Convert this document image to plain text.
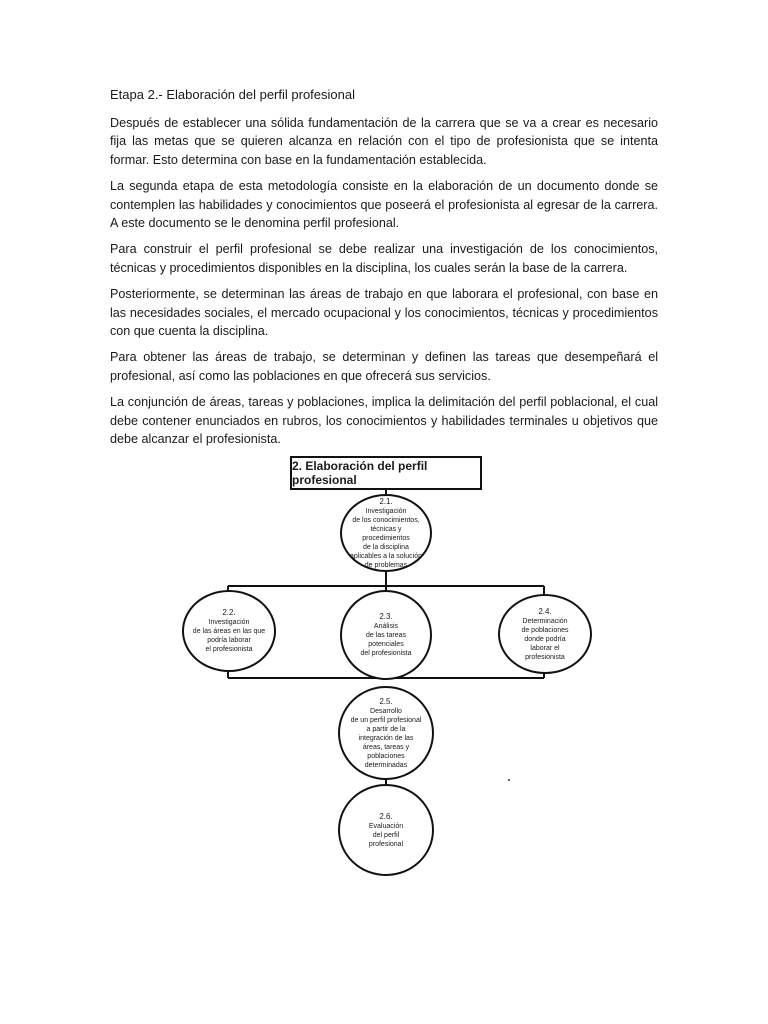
Etapa 2.- Elaboración del perfil profesional

Después de establecer una sólida fundamentación de la carrera que se va a crear es necesario fija las metas que se quieren alcanza en relación con el tipo de profesionista que se intenta formar. Esto determina con base en la fundamentación establecida.

La segunda etapa de esta metodología consiste en la elaboración de un documento donde se contemplen las habilidades y conocimientos que poseerá el profesionista al egresar de la carrera. A este documento se le denomina perfil profesional.

Para construir el perfil profesional se debe realizar una investigación de los conocimientos, técnicas y procedimientos disponibles en la disciplina, los cuales serán la base de la carrera.

Posteriormente, se determinan las áreas de trabajo en que laborara el profesional, con base en las necesidades sociales, el mercado ocupacional y los conocimientos, técnicas y procedimientos con que cuenta la disciplina.

Para obtener las áreas de trabajo, se determinan y definen las tareas que desempeñará el profesional, así como las poblaciones en que ofrecerá sus servicios.

La conjunción de áreas, tareas y poblaciones, implica la delimitación del perfil poblacional, el cual debe contener enunciados en rubros, los conocimientos y habilidades terminales u objetivos que debe alcanzar el profesionista.

2. Elaboración del perfil profesional
2.1.
Investigación
de los conocimientos,
técnicas y
procedimientos
de la disciplina
aplicables a la solución
de problemas
2.2.
Investigación
de las áreas en las que
podría laborar
el profesionista
2.3.
Análisis
de las tareas
potenciales
del profesionista
2.4.
Determinación
de poblaciones
donde podría
laborar el
profesionista
2.5.
Desarrollo
de un perfil profesional
a partir de la
integración de las
áreas, tareas y
poblaciones
determinadas
2.6.
Evaluación
del perfil
profesional
